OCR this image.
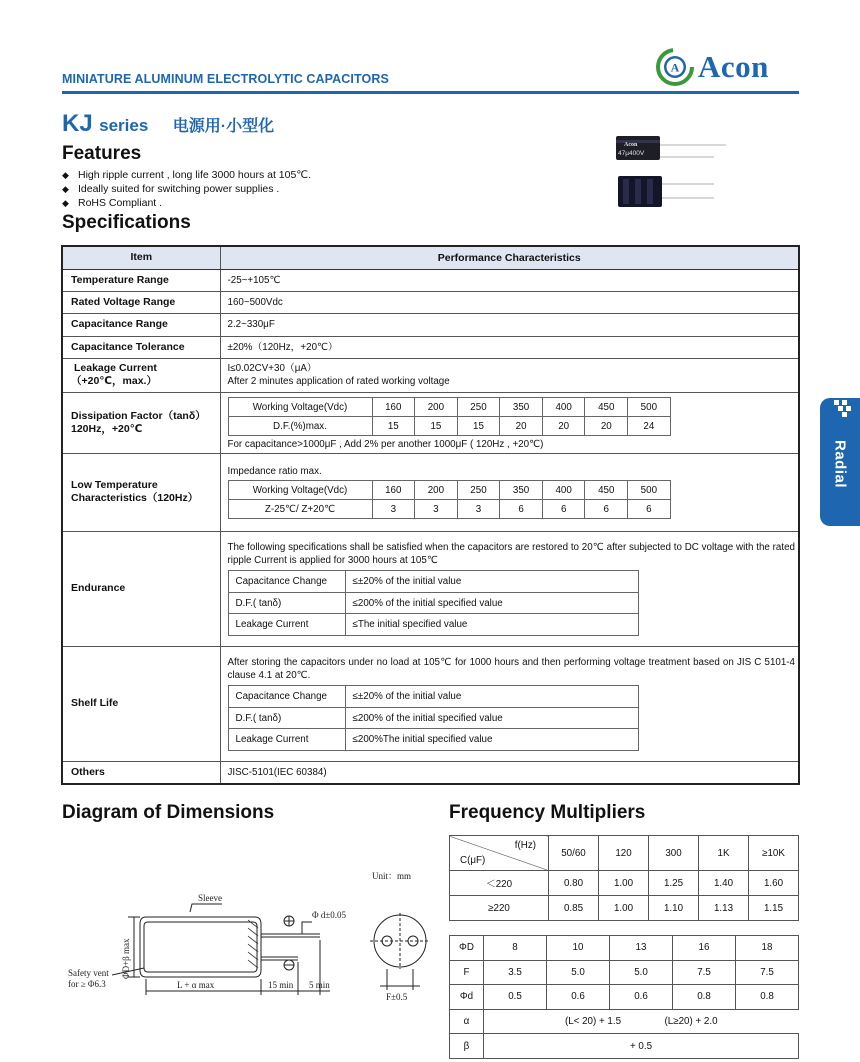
MINIATURE ALUMINUM ELECTROLYTIC CAPACITORS
A Acon
KJ series 电源用·小型化
Features
◆ High ripple current , long life 3000 hours at 105℃.
◆ Ideally suited for switching power supplies .
◆ RoHS Compliant .
Acon
47µ400V
Specifications
Item	Performance Characteristics
Temperature Range	-25~+105℃
Rated Voltage Range	160~500Vdc
Capacitance Range	2.2~330μF
Capacitance Tolerance	±20%（120Hz，+20℃）

Leakage Current
（+20℃，max.）

I≤0.02CV+30（μA）
After 2 minutes application of rated working voltage

Dissipation Factor（tanδ）
120Hz，+20℃

Working Voltage(Vdc)	160	200	250	350	400	450	500
D.F.(%)max.	15	15	15	20	20	20	24
For capacitance>1000μF , Add 2% per another 1000μF ( 120Hz , +20℃)

Low Temperature
Characteristics（120Hz）

Impedance ratio max.
Working Voltage(Vdc)	160	200	250	350	400	450	500
Z-25℃/ Z+20℃	3	3	3	6	6	6	6

Endurance	
The following specifications shall be satisfied when the capacitors are restored to 20℃ after subjected to DC voltage with the rated ripple Current is applied for 3000 hours at 105℃
Capacitance Change	≤±20% of the initial value
D.F.( tanδ)	≤200% of the initial specified value
Leakage Current	≤The initial specified value

Shelf Life	
After storing the capacitors under no load at 105℃ for 1000 hours and then performing voltage treatment based on JIS C 5101-4 clause 4.1 at 20℃.
Capacitance Change	≤±20% of the initial value
D.F.( tanδ)	≤200% of the initial specified value
Leakage Current	≤200%The initial specified value

Others	JISC-5101(IEC 60384)
Diagram of Dimensions
Unit：mm
Sleeve
Φ d±0.05
ΦD+β max
L + α max	15 min 5 min
F±0.5
Safety vent
for ≥ Φ6.3
Frequency Multipliers
f(Hz)
C(μF)	50/60	120	300	1K	≥10K
＜220	0.80	1.00	1.25	1.40	1.60
≥220	0.85	1.00	1.10	1.13	1.15
ΦD	8	10	13	16	18
F	3.5	5.0	5.0	7.5	7.5
Φd	0.5	0.6	0.6	0.8	0.8
α	(L< 20) + 1.5 (L≥20) + 2.0				
β	+ 0.5				
Radial
